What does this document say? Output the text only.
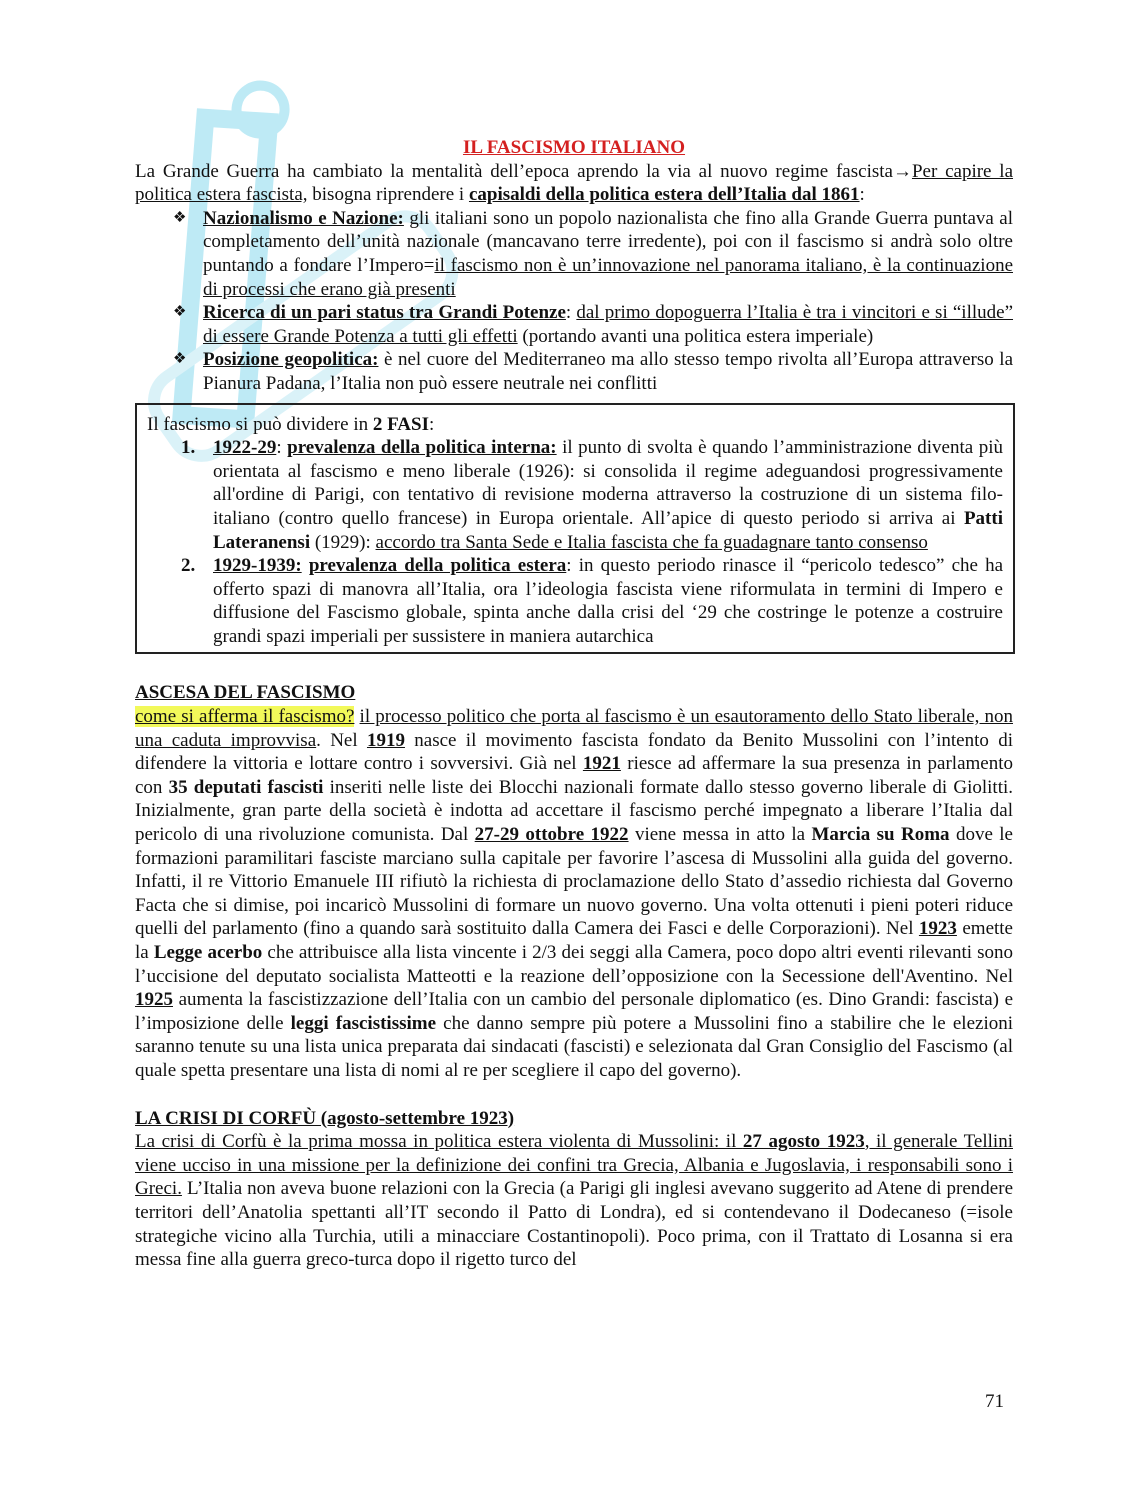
IL FASCISMO ITALIANO

La Grande Guerra ha cambiato la mentalità dell’epoca aprendo la via al nuovo regime fascista→Per capire la politica estera fascista, bisogna riprendere i capisaldi della politica estera dell’Italia dal 1861:

❖ Nazionalismo e Nazione: gli italiani sono un popolo nazionalista che fino alla Grande Guerra puntava al completamento dell’unità nazionale (mancavano terre irredente), poi con il fascismo si andrà solo oltre puntando a fondare l’Impero=il fascismo non è un’innovazione nel panorama italiano, è la continuazione di processi che erano già presenti
❖ Ricerca di un pari status tra Grandi Potenze: dal primo dopoguerra l’Italia è tra i vincitori e si “illude” di essere Grande Potenza a tutti gli effetti (portando avanti una politica estera imperiale)
❖ Posizione geopolitica: è nel cuore del Mediterraneo ma allo stesso tempo rivolta all’Europa attraverso la Pianura Padana, l’Italia non può essere neutrale nei conflitti

Il fascismo si può dividere in 2 FASI:

1. 1922-29: prevalenza della politica interna: il punto di svolta è quando l’amministrazione diventa più orientata al fascismo e meno liberale (1926): si consolida il regime adeguandosi progressivamente all'ordine di Parigi, con tentativo di revisione moderna attraverso la costruzione di un sistema filo-italiano (contro quello francese) in Europa orientale. All’apice di questo periodo si arriva ai Patti Lateranensi (1929): accordo tra Santa Sede e Italia fascista che fa guadagnare tanto consenso
2. 1929-1939: prevalenza della politica estera: in questo periodo rinasce il “pericolo tedesco” che ha offerto spazi di manovra all’Italia, ora l’ideologia fascista viene riformulata in termini di Impero e diffusione del Fascismo globale, spinta anche dalla crisi del ‘29 che costringe le potenze a costruire grandi spazi imperiali per sussistere in maniera autarchica

ASCESA DEL FASCISMO

come si afferma il fascismo? il processo politico che porta al fascismo è un esautoramento dello Stato liberale, non una caduta improvvisa. Nel 1919 nasce il movimento fascista fondato da Benito Mussolini con l’intento di difendere la vittoria e lottare contro i sovversivi. Già nel 1921 riesce ad affermare la sua presenza in parlamento con 35 deputati fascisti inseriti nelle liste dei Blocchi nazionali formate dallo stesso governo liberale di Giolitti. Inizialmente, gran parte della società è indotta ad accettare il fascismo perché impegnato a liberare l’Italia dal pericolo di una rivoluzione comunista. Dal 27-29 ottobre 1922 viene messa in atto la Marcia su Roma dove le formazioni paramilitari fasciste marciano sulla capitale per favorire l’ascesa di Mussolini alla guida del governo. Infatti, il re Vittorio Emanuele III rifiutò la richiesta di proclamazione dello Stato d’assedio richiesta dal Governo Facta che si dimise, poi incaricò Mussolini di formare un nuovo governo. Una volta ottenuti i pieni poteri riduce quelli del parlamento (fino a quando sarà sostituito dalla Camera dei Fasci e delle Corporazioni). Nel 1923 emette la Legge acerbo che attribuisce alla lista vincente i 2/3 dei seggi alla Camera, poco dopo altri eventi rilevanti sono l’uccisione del deputato socialista Matteotti e la reazione dell’opposizione con la Secessione dell'Aventino. Nel 1925 aumenta la fascistizzazione dell’Italia con un cambio del personale diplomatico (es. Dino Grandi: fascista) e l’imposizione delle leggi fascistissime che danno sempre più potere a Mussolini fino a stabilire che le elezioni saranno tenute su una lista unica preparata dai sindacati (fascisti) e selezionata dal Gran Consiglio del Fascismo (al quale spetta presentare una lista di nomi al re per scegliere il capo del governo).

LA CRISI DI CORFÙ (agosto-settembre 1923)

La crisi di Corfù è la prima mossa in politica estera violenta di Mussolini: il 27 agosto 1923, il generale Tellini viene ucciso in una missione per la definizione dei confini tra Grecia, Albania e Jugoslavia, i responsabili sono i Greci. L’Italia non aveva buone relazioni con la Grecia (a Parigi gli inglesi avevano suggerito ad Atene di prendere territori dell’Anatolia spettanti all’IT secondo il Patto di Londra), ed si contendevano il Dodecaneso (=isole strategiche vicino alla Turchia, utili a minacciare Costantinopoli). Poco prima, con il Trattato di Losanna si era messa fine alla guerra greco-turca dopo il rigetto turco del

71
